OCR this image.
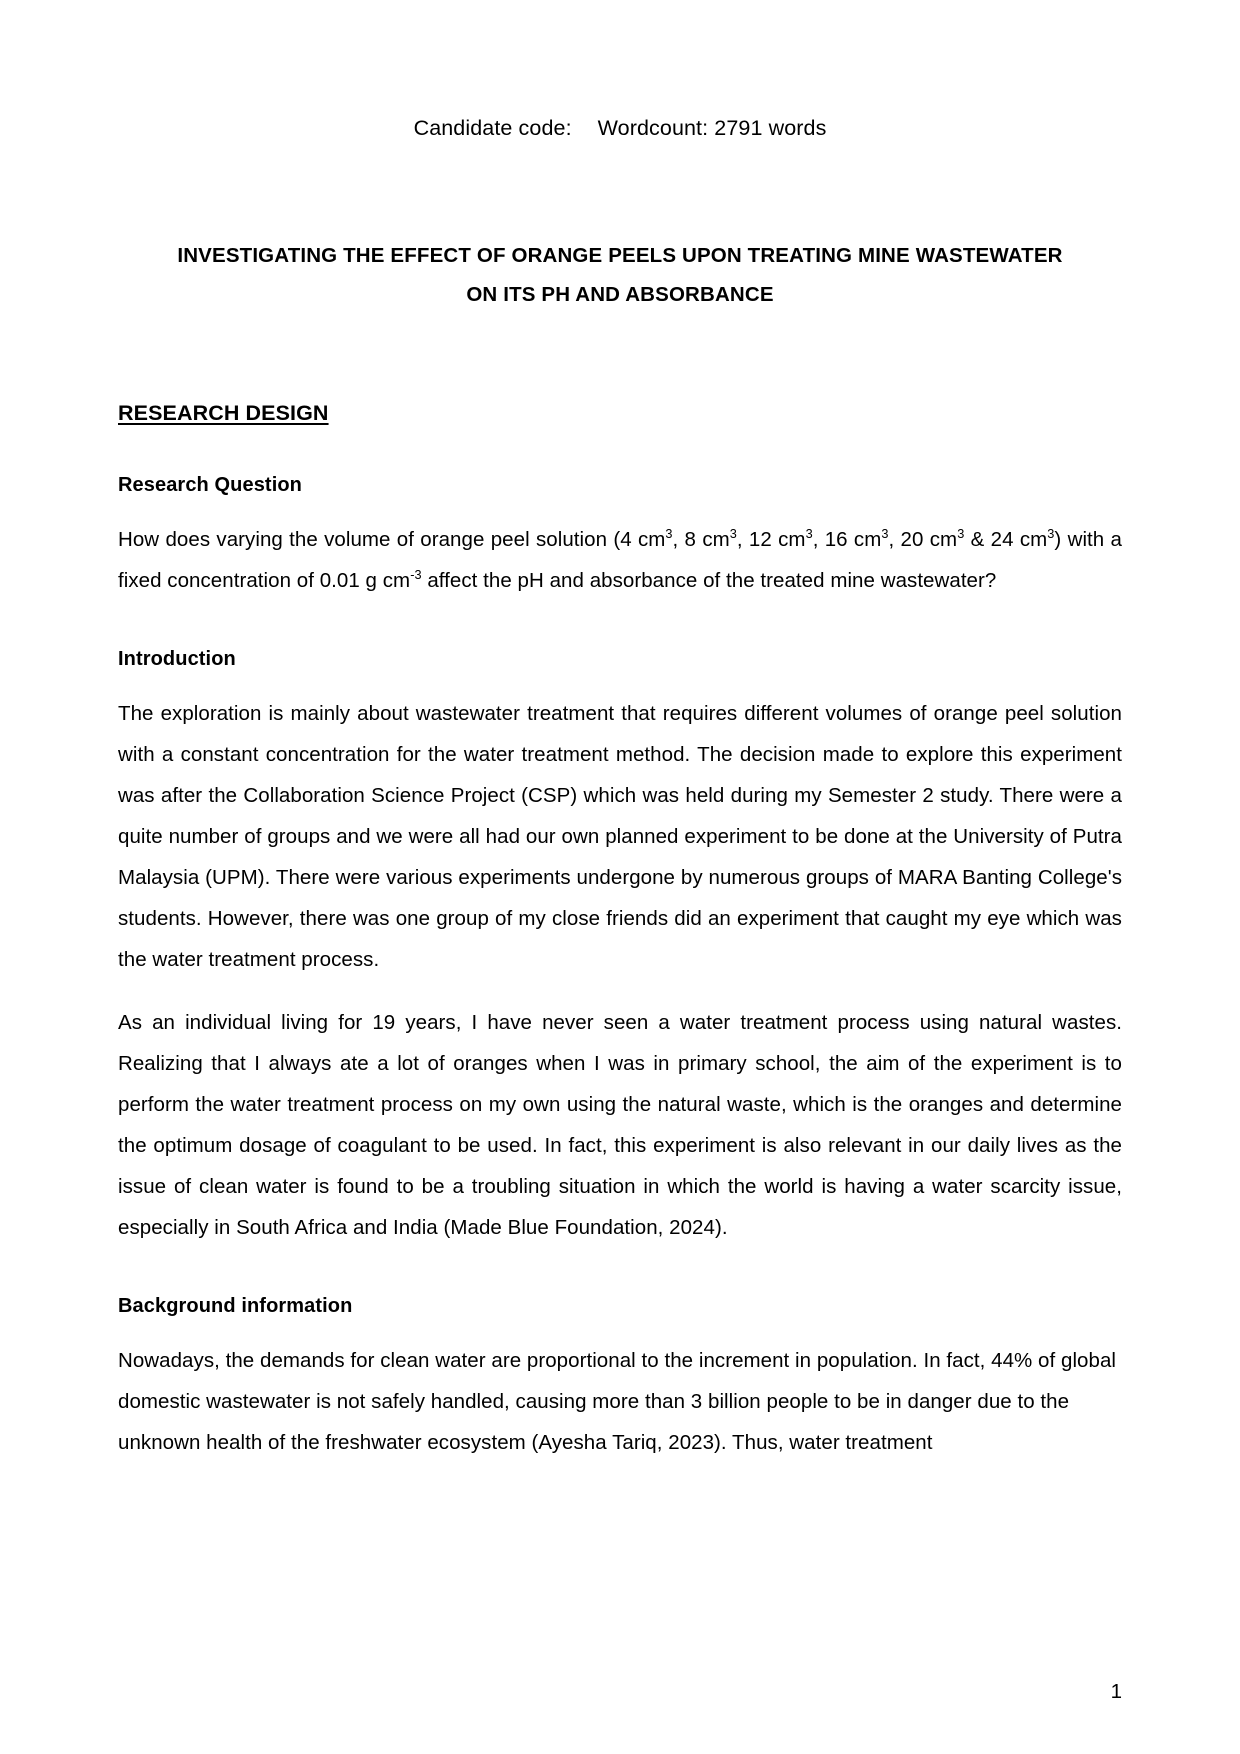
Candidate code: Wordcount: 2791 words
INVESTIGATING THE EFFECT OF ORANGE PEELS UPON TREATING MINE WASTEWATER ON ITS PH AND ABSORBANCE
RESEARCH DESIGN
Research Question

How does varying the volume of orange peel solution (4 $cm^3$, 8 $cm^3$, 12 $cm^3$, 16 $cm^3$, 20 $cm^3$ & 24 $cm^3$) with a fixed concentration of 0.01 g $cm^{-3}$ affect the pH and absorbance of the treated mine wastewater?

Introduction

The exploration is mainly about wastewater treatment that requires different volumes of orange peel solution with a constant concentration for the water treatment method. The decision made to explore this experiment was after the Collaboration Science Project (CSP) which was held during my Semester 2 study. There were a quite number of groups and we were all had our own planned experiment to be done at the University of Putra Malaysia (UPM). There were various experiments undergone by numerous groups of MARA Banting College's students. However, there was one group of my close friends did an experiment that caught my eye which was the water treatment process.

As an individual living for 19 years, I have never seen a water treatment process using natural wastes. Realizing that I always ate a lot of oranges when I was in primary school, the aim of the experiment is to perform the water treatment process on my own using the natural waste, which is the oranges and determine the optimum dosage of coagulant to be used. In fact, this experiment is also relevant in our daily lives as the issue of clean water is found to be a troubling situation in which the world is having a water scarcity issue, especially in South Africa and India (Made Blue Foundation, 2024).

Background information

Nowadays, the demands for clean water are proportional to the increment in population. In fact, 44% of global domestic wastewater is not safely handled, causing more than 3 billion people to be in danger due to the unknown health of the freshwater ecosystem (Ayesha Tariq, 2023). Thus, water treatment

1
